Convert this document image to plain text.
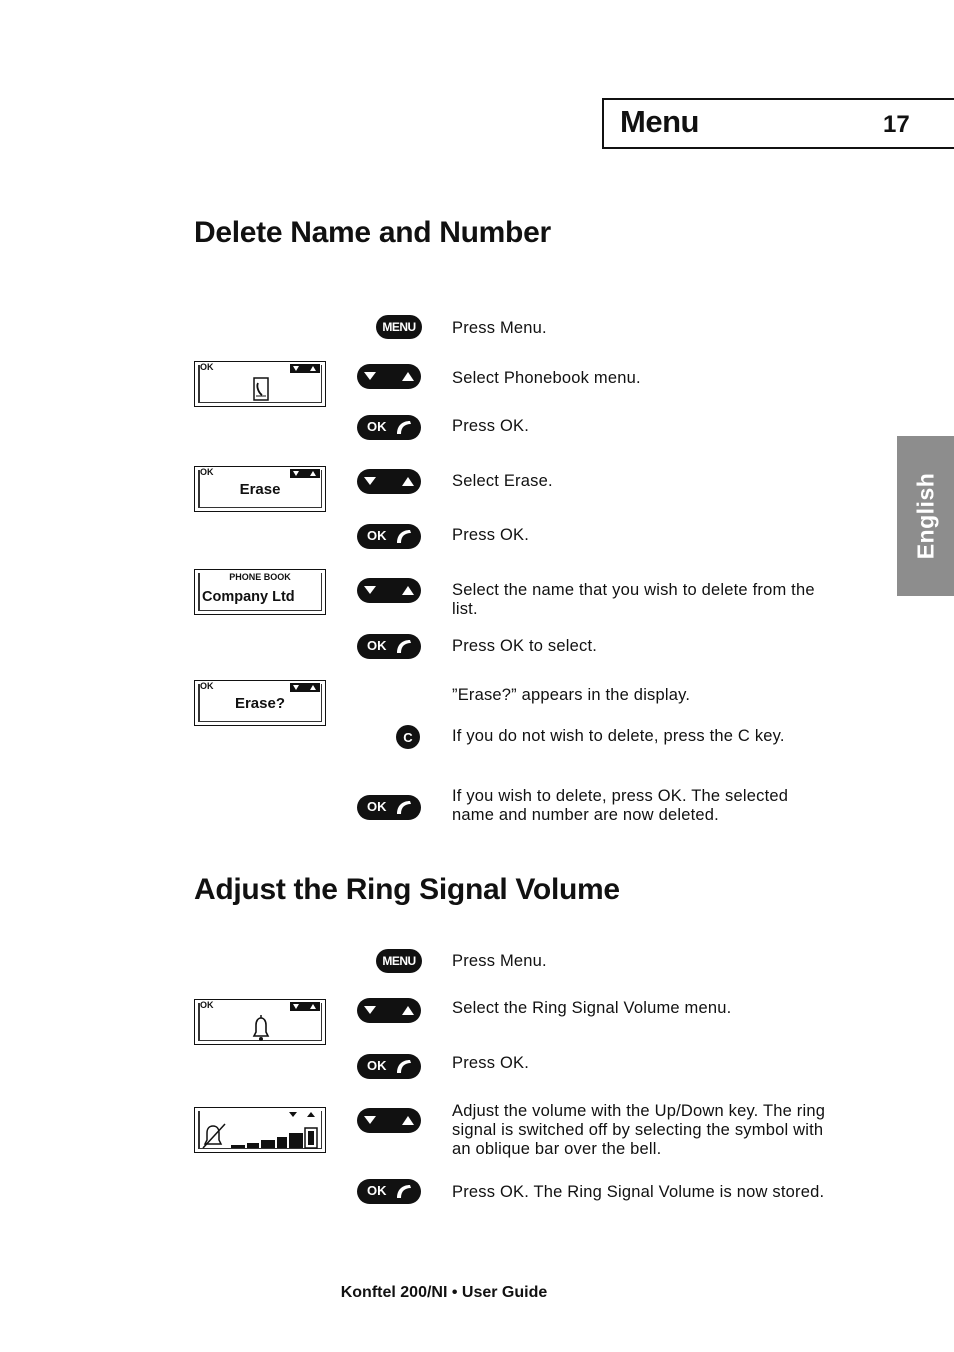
Menu	17
English
Delete Name and Number
Press Menu.
Select Phonebook menu.
Press OK.
Select Erase.
Press OK.
Select the name that you wish to delete from the list.
Press OK to select.
”Erase?” appears in the display.
If you do not wish to delete, press the C key.
If you wish to delete, press OK. The selected name and number are now deleted.
MENU
OK
OK
OK
C
OK
OK
OK
Erase
PHONE BOOK
Company Ltd
OK
Erase?
Adjust the Ring Signal Volume
Press Menu.
Select the Ring Signal Volume menu.
Press OK.
Adjust the volume with the Up/Down key. The ring signal is switched off by selecting the symbol with an oblique bar over the bell.
Press OK. The Ring Signal Volume is now stored.
MENU
OK
OK
OK
Konftel 200/NI • User Guide
